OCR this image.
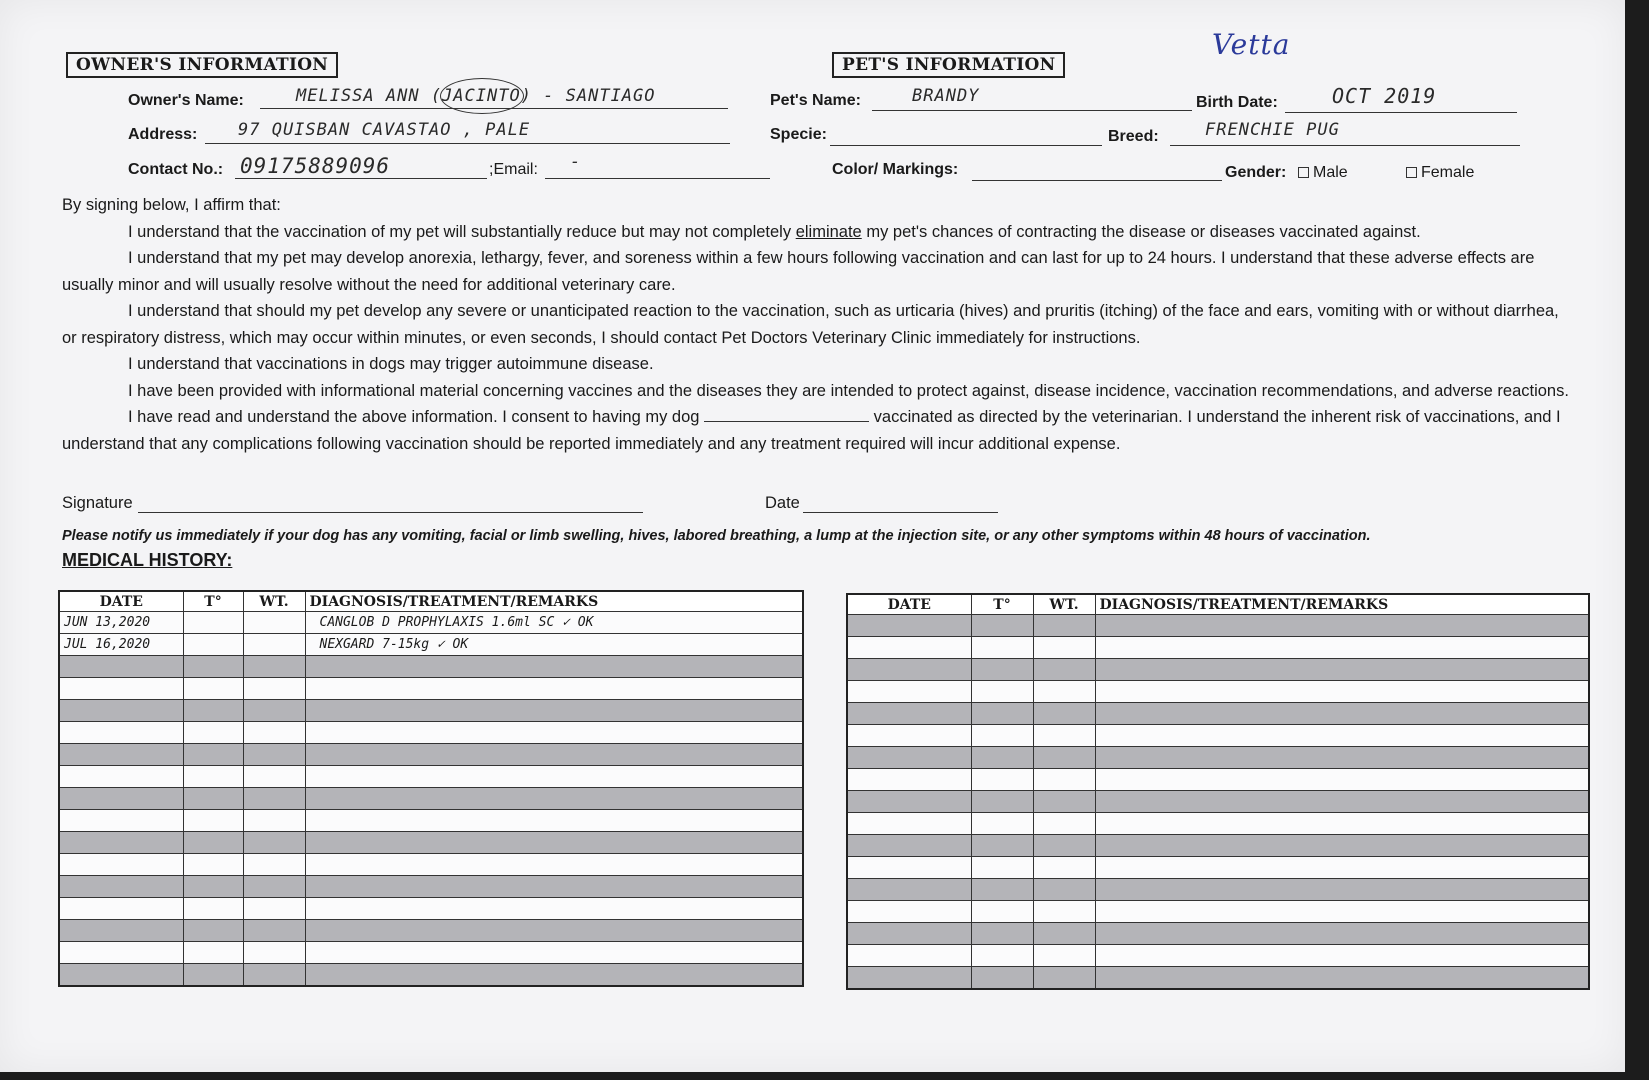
OWNER'S INFORMATION
Owner's Name:	MELISSA ANN (JACINTO) - SANTIAGO
Address: 97 QUISBAN CAVASTAO , PALE
Contact No.: 09175889096	;Email: -
PET'S INFORMATION
Vetta
Pet's Name:	BRANDY	Birth Date:	OCT 2019
Specie:	Breed:	FRENCHIE PUG
Color/ Markings:	Gender:	Male	Female

By signing below, I affirm that:

I understand that the vaccination of my pet will substantially reduce but may not completely eliminate my pet's chances of contracting the disease or diseases vaccinated against.

I understand that my pet may develop anorexia, lethargy, fever, and soreness within a few hours following vaccination and can last for up to 24 hours. I understand that these adverse effects are usually minor and will usually resolve without the need for additional veterinary care.

I understand that should my pet develop any severe or unanticipated reaction to the vaccination, such as urticaria (hives) and pruritis (itching) of the face and ears, vomiting with or without diarrhea, or respiratory distress, which may occur within minutes, or even seconds, I should contact Pet Doctors Veterinary Clinic immediately for instructions.

I understand that vaccinations in dogs may trigger autoimmune disease.

I have been provided with informational material concerning vaccines and the diseases they are intended to protect against, disease incidence, vaccination recommendations, and adverse reactions.

I have read and understand the above information. I consent to having my dog	vaccinated as directed by the veterinarian. I understand the inherent risk of vaccinations, and I understand that any complications following vaccination should be reported immediately and any treatment required will incur additional expense.

Signature	Date
Please notify us immediately if your dog has any vomiting, facial or limb swelling, hives, labored breathing, a lump at the injection site, or any other symptoms within 48 hours of vaccination.
MEDICAL HISTORY:
DATE	T°	WT.	DIAGNOSIS/TREATMENT/REMARKS
JUN 13,2020			CANGLOB D PROPHYLAXIS 1.6ml SC ✓ OK
JUL 16,2020			NEXGARD 7-15kg ✓ OK

DATE	T°	WT.	DIAGNOSIS/TREATMENT/REMARKS
